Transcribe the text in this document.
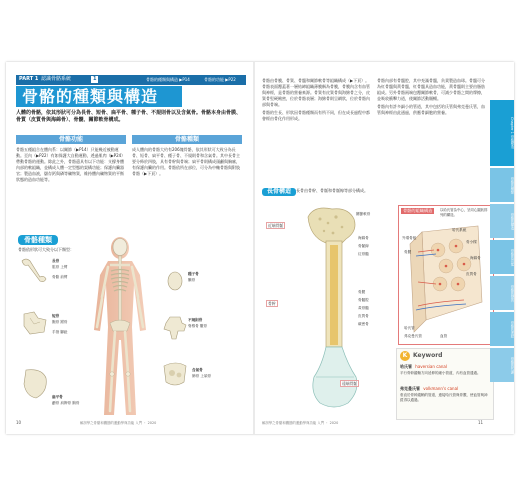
PART 1 認識骨骼系統	1	骨骼的種類與構造 ▶P14	骨骼的功能 ▶P22
骨骼的種類與構造
人體的骨骼，依其形狀可分為長骨、短骨、扁平骨、種子骨、不規則骨以及含氣骨。骨骼本身由骨膜、骨質（皮質骨與海綿骨）、骨髓、關節軟骨構成。
骨骼功能	骨骼種類
骨骼五種組合在體內系：以關節（▶P14）只能幾近被動運動。至內（▶P22）有如保護大自動運動，透過肌肉（▶P24）帶動骨骼的運動。除此之外，骨骼還具有以下功能：支撐身體內部的軟組織，並構成人體一定型態的架構功能；保護內臟器官；製造血液，儲存鈣與磷等礦物質，維持體內礦物質的平衡狀態的造血功能等。
成人體內的骨骼大約有206塊骨骼，依其形狀可大致分為長骨、短骨、扁平骨、種子骨、不規則骨和含氣骨。其中長骨主要分佈於四肢，具有骨幹與骨端；扁平骨則構成頭顱與胸廓，有保護內臟的作用。骨骼依所在部位，可分為中軸骨骼與附肢骨骼（▶下頁）。
骨骼種類
骨骼依形狀可大致分以下類型：
長骨
肱骨 上臂
骨骼 前臂
短骨
腕骨 跗骨
手指 腳趾
扁平骨
顱骨 肩胛骨 胸骨
種子骨
髕骨
不規則骨
脊椎骨 髖骨
含氣骨
篩骨 上頜骨
解剖學之骨骼和關節的運動學與功能 入門 ・ 2020
10

骨骼由骨膜、骨質、骨髓和關節軟骨等組織構成（▶下頁）。骨骼表面覆蓋著一層結締組織薄膜稱為骨膜，骨膜內含有血管與神經，是骨骼的營養來源。骨質有皮質骨與海綿骨之分，皮質骨堅硬緻密，位於骨骼表層；海綿骨則呈網狀，位於骨骼內部與骨端。

骨骼的生長、形狀因骨骼種類而有所不同，但在成長過程中都會經由骨化作用形成。

骨骼內部有骨髓腔，其中充滿骨髓，負責製造血球。骨髓可分為紅骨髓與黃骨髓，紅骨髓具造血功能，黃骨髓則主要由脂肪組成。另外骨骼兩端包覆關節軟骨，可減少骨骼之間的摩擦，並吸收衝擊力道，使關節活動順暢。

骨骼內有許多細小的管道，其中包括哈氏管與弗克曼氏管，血管與神經由此通過，供應骨細胞的營養。

長骨構造	長骨由骨幹、骨骺和骨骺線等部分構成。
關節軟骨
近端骨骺
海綿骨
骨骺線
紅骨髓
骨幹
骨膜
骨髓腔
黃骨髓
皮質骨
緻密骨
遠端骨骺
骨骼的組織構造	以哈氏管為中心，呈同心圓狀排列的構造。
外環骨板
哈氏系統
骨膜
骨小樑
海綿骨
皮質骨
哈氏管
弗克曼氏管	血管
K Keyword
哈氏管 haversian canal
平行骨幹縱軸方向延伸的細小管道，內有血管通過。
弗克曼氏管 volkmann's canal
垂直於骨幹縱軸的管道，連接哈氏管與骨膜，使血管與神經得以通過。
解剖學之骨骼和關節的運動學與功能 入門 ・ 2020	11
Chapter 1 骨骼構造
骨骼的種類
骨骼的構造
骨骼的功能
骨骼的發育
骨骼的連結
骨骼的代謝
